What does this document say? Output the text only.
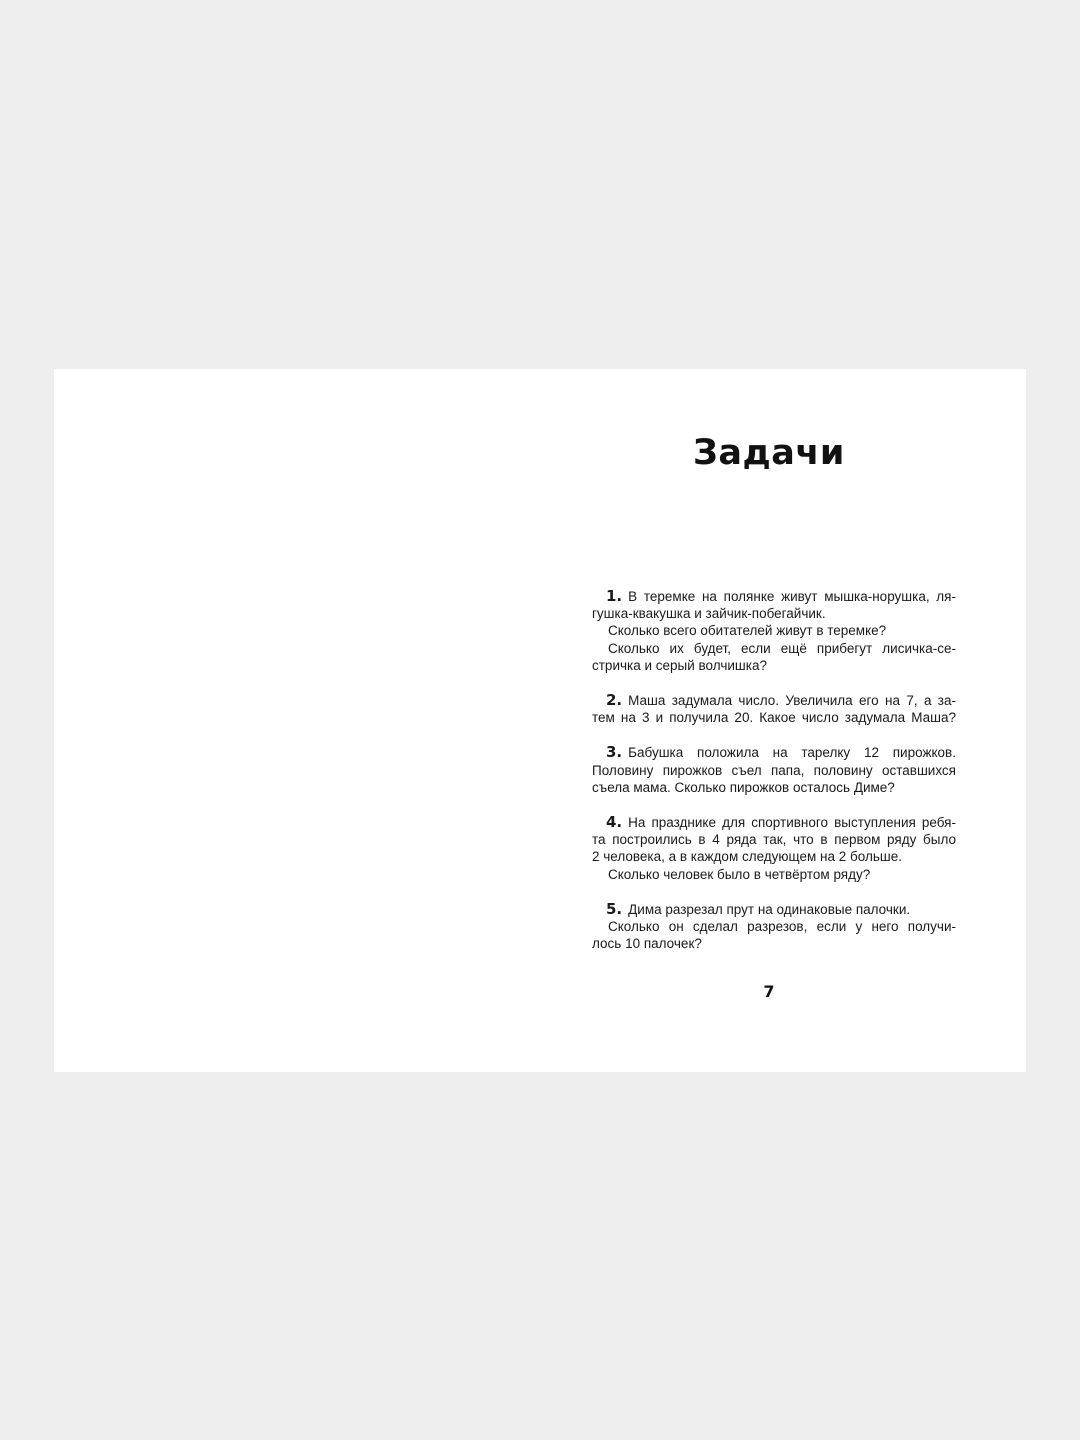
Задачи
1. В теремке на полянке живут мышка-норушка, ля-
гушка-квакушка и зайчик-побегайчик.
Сколько всего обитателей живут в теремке?
Сколько их будет, если ещё прибегут лисичка-се-
стричка и серый волчишка?
2. Маша задумала число. Увеличила его на 7, а за-
тем на 3 и получила 20. Какое число задумала Маша?
3. Бабушка положила на тарелку 12 пирожков.
Половину пирожков съел папа, половину оставшихся
съела мама. Сколько пирожков осталось Диме?
4. На празднике для спортивного выступления ребя-
та построились в 4 ряда так, что в первом ряду было
2 человека, а в каждом следующем на 2 больше.
Сколько человек было в четвёртом ряду?
5. Дима разрезал прут на одинаковые палочки.
Сколько он сделал разрезов, если у него получи-
лось 10 палочек?
7
